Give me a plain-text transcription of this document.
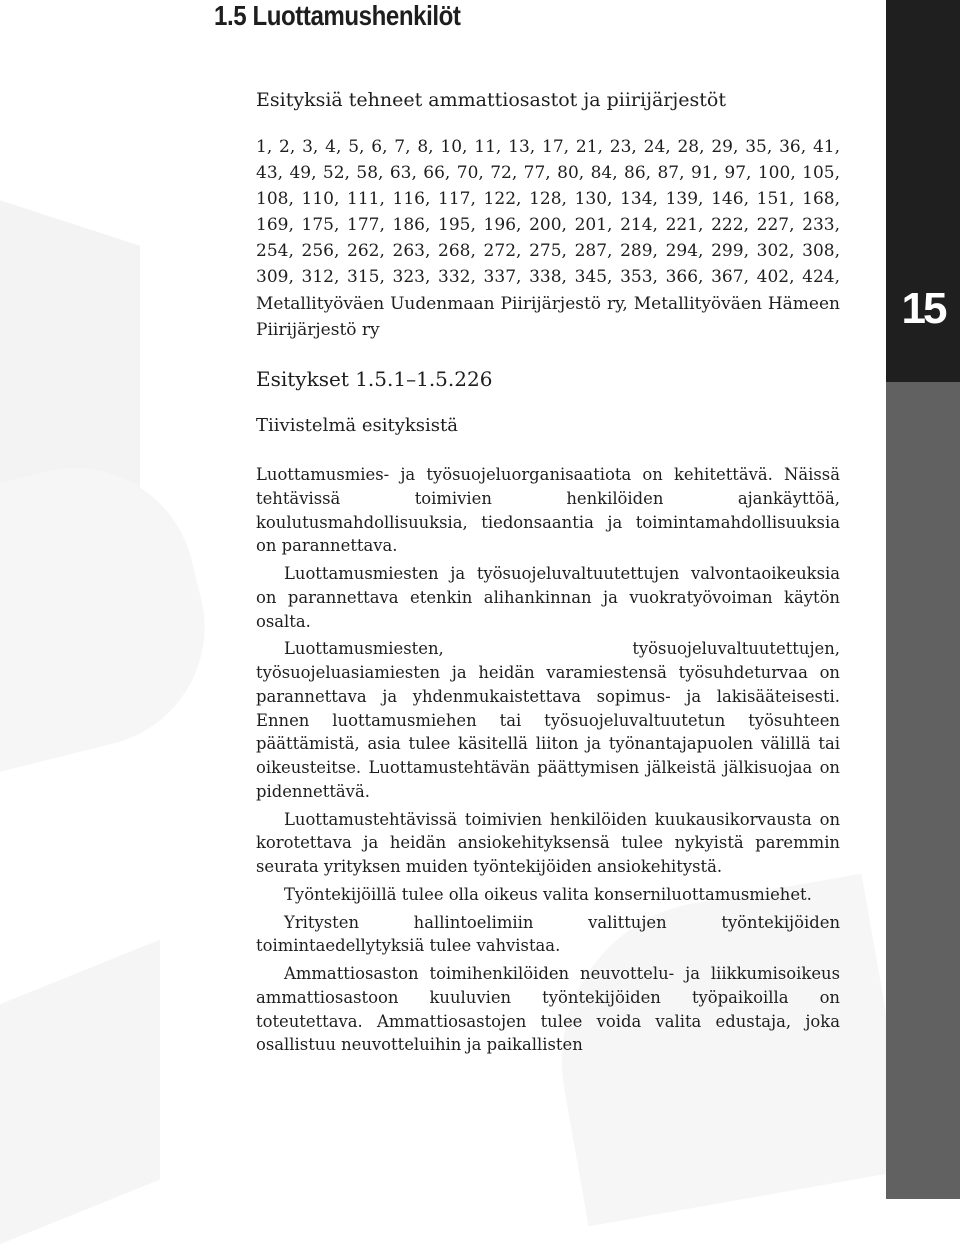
1.5 Luottamushenkilöt

15

Esityksiä tehneet ammattiosastot ja piirijärjestöt

1, 2, 3, 4, 5, 6, 7, 8, 10, 11, 13, 17, 21, 23, 24, 28, 29, 35, 36, 41, 43, 49, 52, 58, 63, 66, 70, 72, 77, 80, 84, 86, 87, 91, 97, 100, 105, 108, 110, 111, 116, 117, 122, 128, 130, 134, 139, 146, 151, 168, 169, 175, 177, 186, 195, 196, 200, 201, 214, 221, 222, 227, 233, 254, 256, 262, 263, 268, 272, 275, 287, 289, 294, 299, 302, 308, 309, 312, 315, 323, 332, 337, 338, 345, 353, 366, 367, 402, 424, Metallityöväen Uudenmaan Piirijärjestö ry, Metallityöväen Hämeen Piirijärjestö ry

Esitykset 1.5.1–1.5.226
Tiivistelmä esityksistä

Luottamusmies- ja työsuojeluorganisaatiota on kehitettävä. Näissä tehtävissä toimivien henkilöiden ajankäyttöä, koulutusmahdollisuuksia, tiedonsaantia ja toimintamahdollisuuksia on parannettava.

Luottamusmiesten ja työsuojeluvaltuutettujen valvontaoikeuksia on parannettava etenkin alihankinnan ja vuokratyövoiman käytön osalta.

Luottamusmiesten, työsuojeluvaltuutettujen, työsuojeluasiamiesten ja heidän varamiestensä työsuhdeturvaa on parannettava ja yhdenmukaistettava sopimus- ja lakisääteisesti. Ennen luottamusmiehen tai työsuojeluvaltuutetun työsuhteen päättämistä, asia tulee käsitellä liiton ja työnantajapuolen välillä tai oikeusteitse. Luottamustehtävän päättymisen jälkeistä jälkisuojaa on pidennettävä.

Luottamustehtävissä toimivien henkilöiden kuukausikorvausta on korotettava ja heidän ansiokehityksensä tulee nykyistä paremmin seurata yrityksen muiden työntekijöiden ansiokehitystä.

Työntekijöillä tulee olla oikeus valita konserniluottamusmiehet.

Yritysten hallintoelimiin valittujen työntekijöiden toimintaedellytyksiä tulee vahvistaa.

Ammattiosaston toimihenkilöiden neuvottelu- ja liikkumisoikeus ammattiosastoon kuuluvien työntekijöiden työpaikoilla on toteutettava. Ammattiosastojen tulee voida valita edustaja, joka osallistuu neuvotteluihin ja paikallisten
